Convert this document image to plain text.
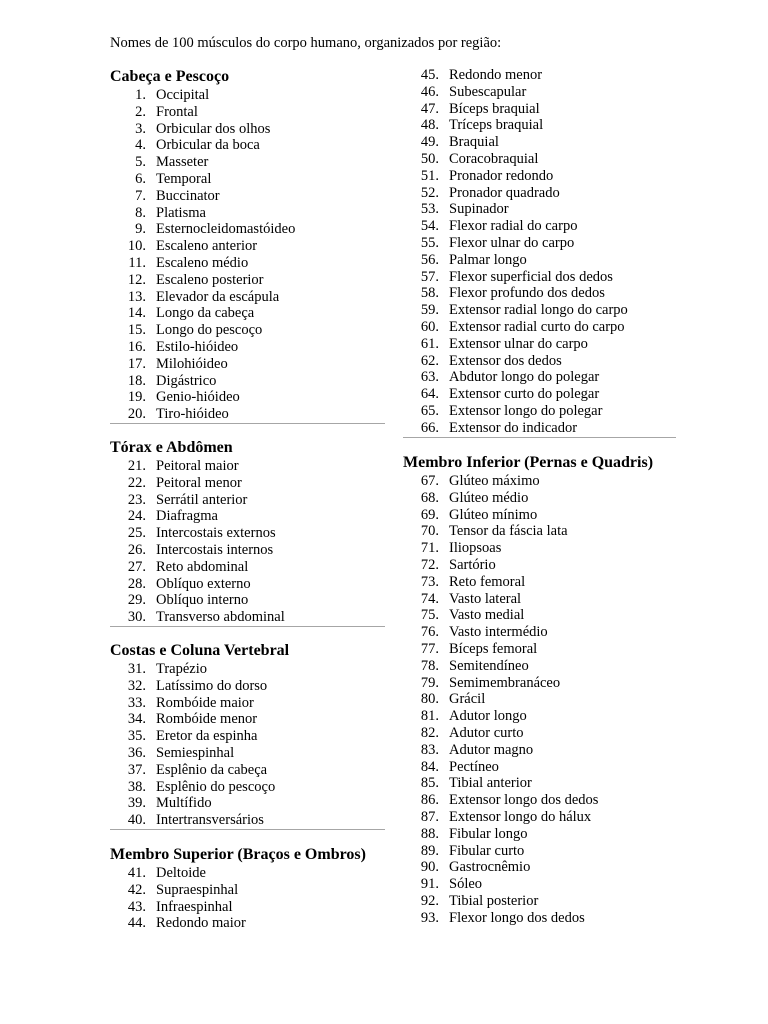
Nomes de 100 músculos do corpo humano, organizados por região:
Cabeça e Pescoço
1. Occipital
2. Frontal
3. Orbicular dos olhos
4. Orbicular da boca
5. Masseter
6. Temporal
7. Buccinator
8. Platisma
9. Esternocleidomastóideo
10. Escaleno anterior
11. Escaleno médio
12. Escaleno posterior
13. Elevador da escápula
14. Longo da cabeça
15. Longo do pescoço
16. Estilo-hióideo
17. Milohióideo
18. Digástrico
19. Genio-hióideo
20. Tiro-hióideo
Tórax e Abdômen
21. Peitoral maior
22. Peitoral menor
23. Serrátil anterior
24. Diafragma
25. Intercostais externos
26. Intercostais internos
27. Reto abdominal
28. Oblíquo externo
29. Oblíquo interno
30. Transverso abdominal
Costas e Coluna Vertebral
31. Trapézio
32. Latíssimo do dorso
33. Rombóide maior
34. Rombóide menor
35. Eretor da espinha
36. Semiespinhal
37. Esplênio da cabeça
38. Esplênio do pescoço
39. Multífido
40. Intertransversários
Membro Superior (Braços e Ombros)
41. Deltoide
42. Supraespinhal
43. Infraespinhal
44. Redondo maior
45. Redondo menor
46. Subescapular
47. Bíceps braquial
48. Tríceps braquial
49. Braquial
50. Coracobraquial
51. Pronador redondo
52. Pronador quadrado
53. Supinador
54. Flexor radial do carpo
55. Flexor ulnar do carpo
56. Palmar longo
57. Flexor superficial dos dedos
58. Flexor profundo dos dedos
59. Extensor radial longo do carpo
60. Extensor radial curto do carpo
61. Extensor ulnar do carpo
62. Extensor dos dedos
63. Abdutor longo do polegar
64. Extensor curto do polegar
65. Extensor longo do polegar
66. Extensor do indicador
Membro Inferior (Pernas e Quadris)
67. Glúteo máximo
68. Glúteo médio
69. Glúteo mínimo
70. Tensor da fáscia lata
71. Iliopsoas
72. Sartório
73. Reto femoral
74. Vasto lateral
75. Vasto medial
76. Vasto intermédio
77. Bíceps femoral
78. Semitendíneo
79. Semimembranáceo
80. Grácil
81. Adutor longo
82. Adutor curto
83. Adutor magno
84. Pectíneo
85. Tibial anterior
86. Extensor longo dos dedos
87. Extensor longo do hálux
88. Fibular longo
89. Fibular curto
90. Gastrocnêmio
91. Sóleo
92. Tibial posterior
93. Flexor longo dos dedos
